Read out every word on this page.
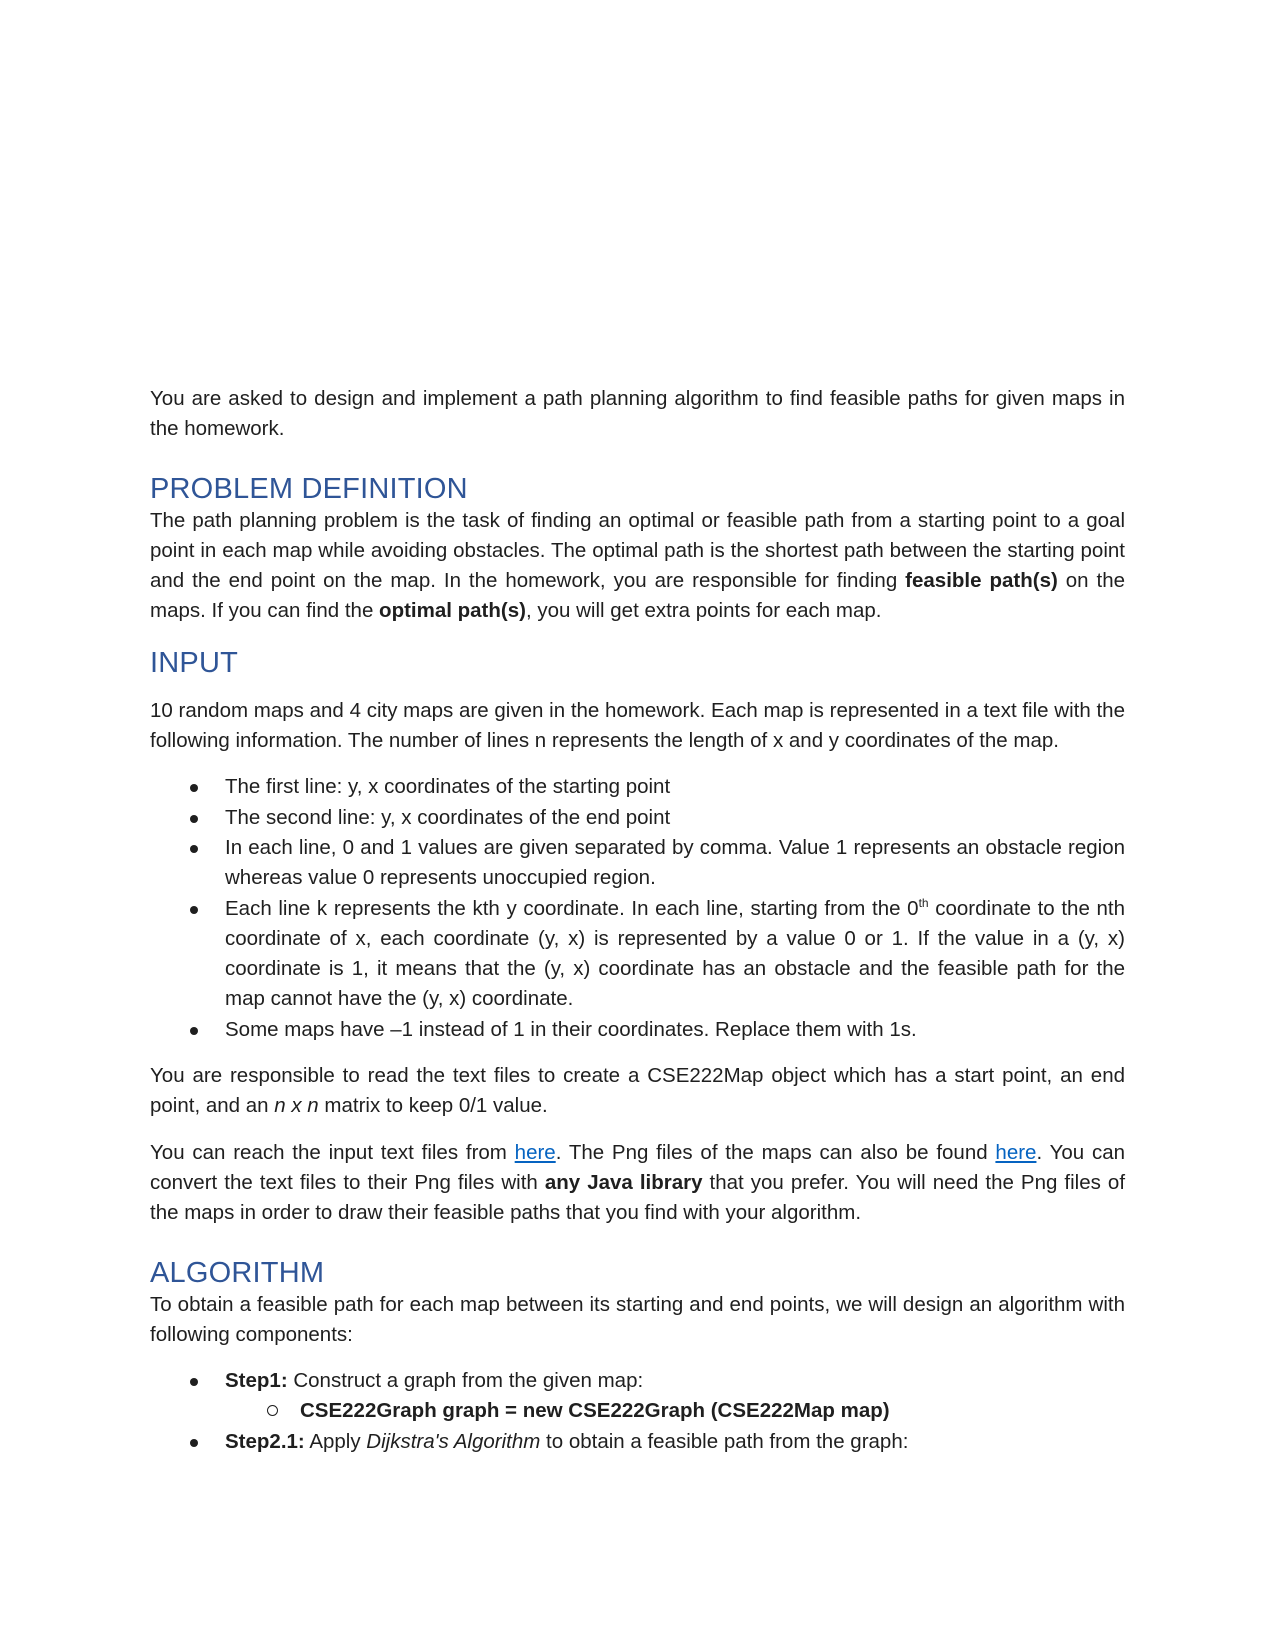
You are asked to design and implement a path planning algorithm to find feasible paths for given maps in the homework.

PROBLEM DEFINITION

The path planning problem is the task of finding an optimal or feasible path from a starting point to a goal point in each map while avoiding obstacles. The optimal path is the shortest path between the starting point and the end point on the map. In the homework, you are responsible for finding feasible path(s) on the maps. If you can find the optimal path(s), you will get extra points for each map.

INPUT

10 random maps and 4 city maps are given in the homework. Each map is represented in a text file with the following information. The number of lines n represents the length of x and y coordinates of the map.

The first line: y, x coordinates of the starting point
The second line: y, x coordinates of the end point
In each line, 0 and 1 values are given separated by comma. Value 1 represents an obstacle region whereas value 0 represents unoccupied region.
Each line k represents the kth y coordinate. In each line, starting from the 0th coordinate to the nth coordinate of x, each coordinate (y, x) is represented by a value 0 or 1. If the value in a (y, x) coordinate is 1, it means that the (y, x) coordinate has an obstacle and the feasible path for the map cannot have the (y, x) coordinate.
Some maps have –1 instead of 1 in their coordinates. Replace them with 1s.

You are responsible to read the text files to create a CSE222Map object which has a start point, an end point, and an n x n matrix to keep 0/1 value.

You can reach the input text files from here. The Png files of the maps can also be found here. You can convert the text files to their Png files with any Java library that you prefer. You will need the Png files of the maps in order to draw their feasible paths that you find with your algorithm.

ALGORITHM

To obtain a feasible path for each map between its starting and end points, we will design an algorithm with following components:

Step1: Construct a graph from the given map:
CSE222Graph graph = new CSE222Graph (CSE222Map map)
Step2.1: Apply Dijkstra's Algorithm to obtain a feasible path from the graph:
